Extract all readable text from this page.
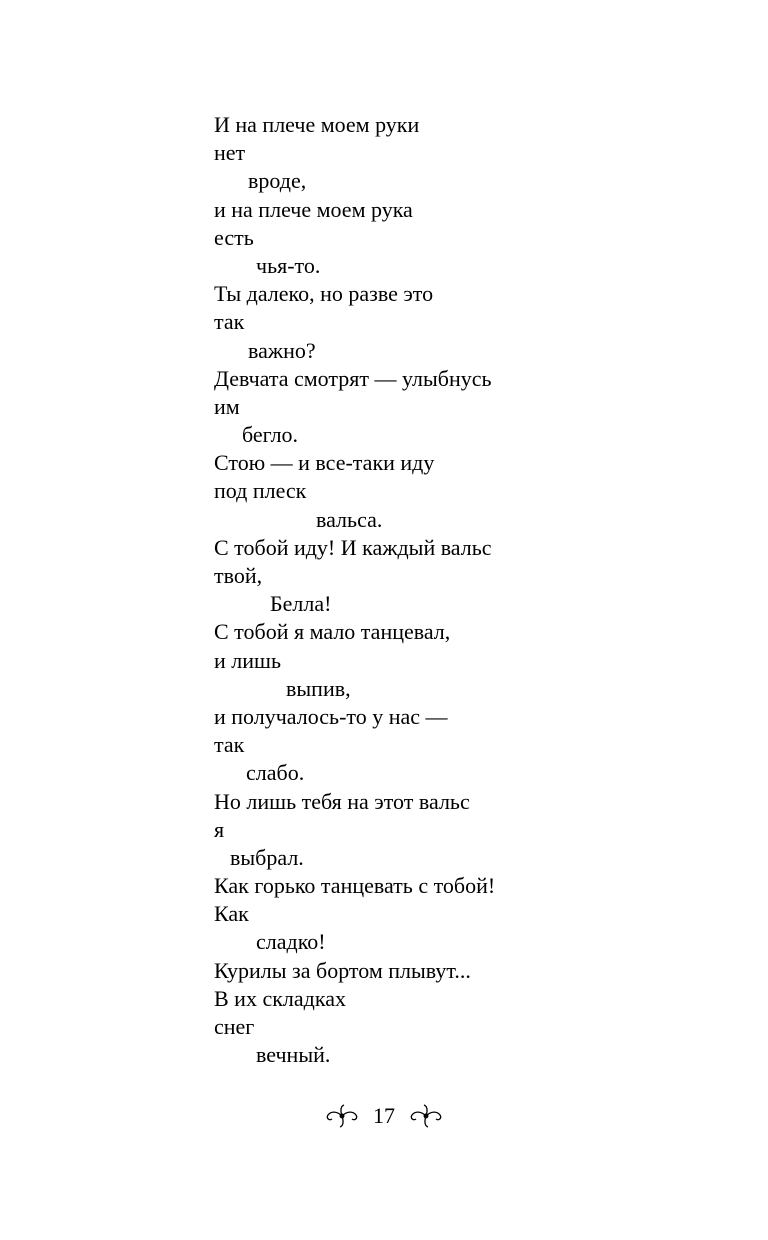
И на плече моем руки
нет
вроде,
и на плече моем рука
есть
чья-то.
Ты далеко, но разве это
так
важно?
Девчата смотрят — улыбнусь
им
бегло.
Стою — и все-таки иду
под плеск
вальса.
С тобой иду! И каждый вальс
твой,
Белла!
С тобой я мало танцевал,
и лишь
выпив,
и получалось-то у нас —
так
слабо.
Но лишь тебя на этот вальс
я
выбрал.
Как горько танцевать с тобой!
Как
сладко!
Курилы за бортом плывут...
В их складках
снег
вечный.
17
